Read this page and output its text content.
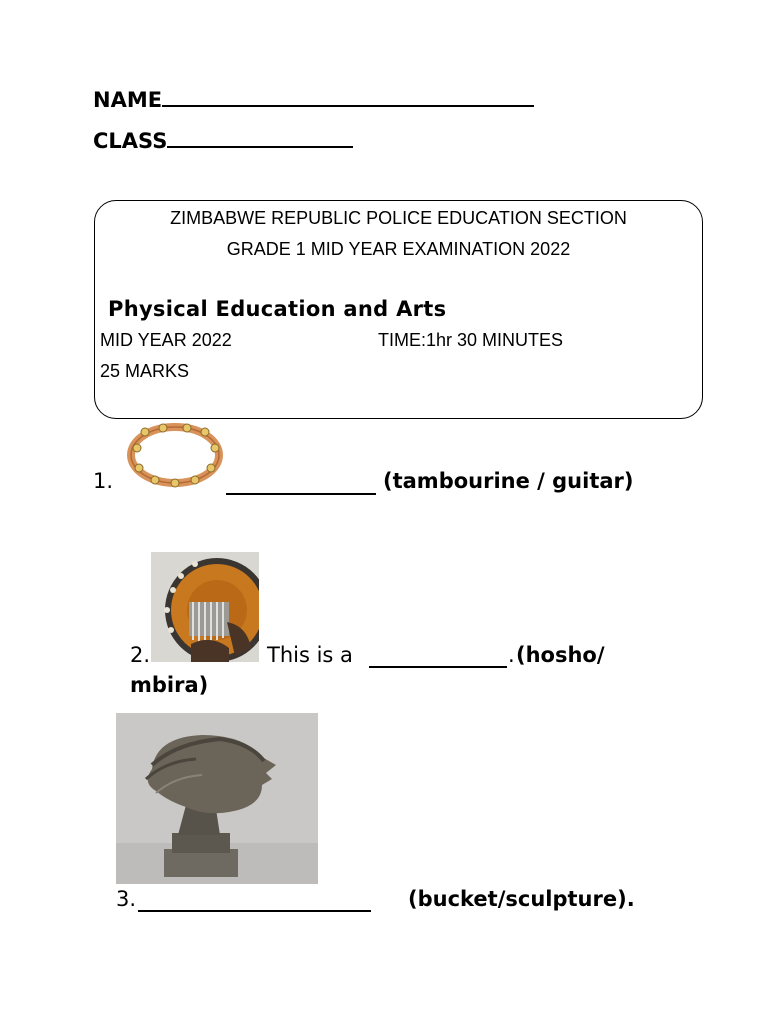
NAME
CLASS
ZIMBABWE REPUBLIC POLICE EDUCATION SECTION
GRADE 1 MID YEAR EXAMINATION 2022
Physical Education and Arts
MID YEAR 2022	TIME:1hr 30 MINUTES
25 MARKS
1.	(tambourine / guitar)
2.	This is a	. (hosho/
mbira)
3.	(bucket/sculpture).
